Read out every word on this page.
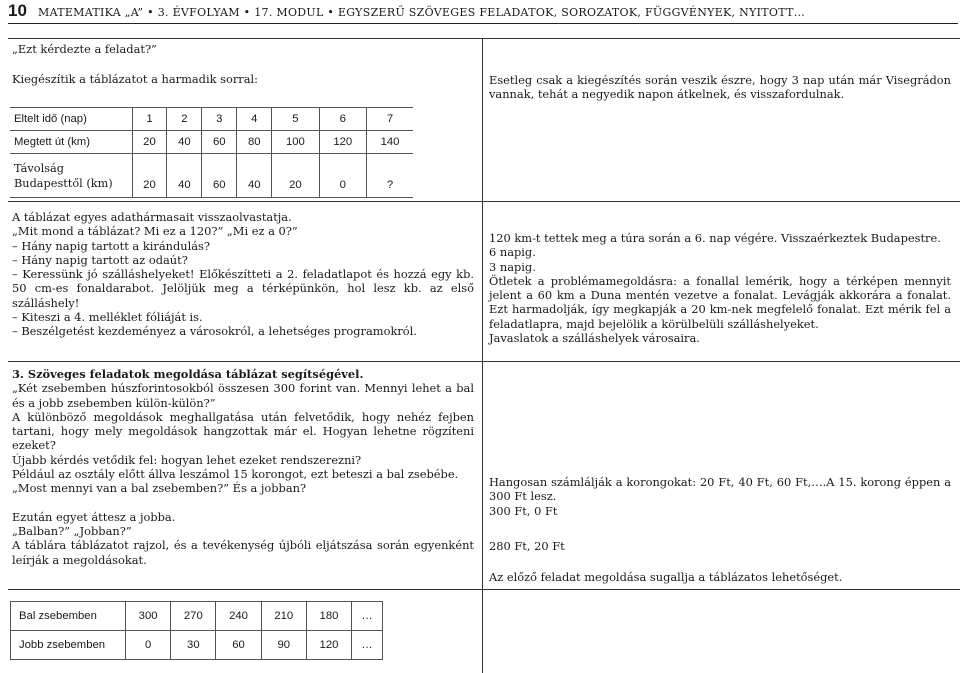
10 MATEMATIKA „A” • 3. ÉVFOLYAM • 17. MODUL • EGYSZERŰ SZÖVEGES FELADATOK, SOROZATOK, FÜGGVÉNYEK, NYITOTT…

„Ezt kérdezte a feladat?”

Kiegészítik a táblázatot a harmadik sorral:

Eltelt idő (nap)	1	2	3	4	5	6	7
Megtett út (km)	20	40	60	80	100	120	140
Távolság Budapesttől (km)	20	40	60	40	20	0	?

A táblázat egyes adathármasait visszaolvastatja.

„Mit mond a táblázat? Mi ez a 120?” „Mi ez a 0?”

– Hány napig tartott a kirándulás?

– Hány napig tartott az odaút?

– Keressünk jó szálláshelyeket! Előkészítteti a 2. feladatlapot és hozzá egy kb. 50 cm-es fonaldarabot. Jelöljük meg a térképünkön, hol lesz kb. az első szálláshely!

– Kiteszi a 4. melléklet fóliáját is.

– Beszélgetést kezdeményez a városokról, a lehetséges programokról.

3. Szöveges feladatok megoldása táblázat segítségével.

„Két zsebemben húszforintosokból összesen 300 forint van. Mennyi lehet a bal és a jobb zsebemben külön-külön?”

A különböző megoldások meghallgatása után felvetődik, hogy nehéz fejben tartani, hogy mely megoldások hangzottak már el. Hogyan lehetne rögzíteni ezeket?

Újabb kérdés vetődik fel: hogyan lehet ezeket rendszerezni?

Például az osztály előtt állva leszámol 15 korongot, ezt beteszi a bal zsebébe.

„Most mennyi van a bal zsebemben?” És a jobban?

Ezután egyet áttesz a jobba.

„Balban?” „Jobban?”

A táblára táblázatot rajzol, és a tevékenység újbóli eljátszása során egyenként leírják a megoldásokat.

Bal zsebemben	300	270	240	210	180	…
Jobb zsebemben	0	30	60	90	120	…

Esetleg csak a kiegészítés során veszik észre, hogy 3 nap után már Visegrádon vannak, tehát a negyedik napon átkelnek, és visszafordulnak.

120 km-t tettek meg a túra során a 6. nap végére. Visszaérkeztek Budapestre.

6 napig.

3 napig.

Ötletek a problémamegoldásra: a fonallal lemérik, hogy a térképen mennyit jelent a 60 km a Duna mentén vezetve a fonalat. Levágják akkorára a fonalat. Ezt harmadolják, így megkapják a 20 km-nek megfelelő fonalat. Ezt mérik fel a feladatlapra, majd bejelölik a körülbelüli szálláshelyeket.

Javaslatok a szálláshelyek városaira.

Hangosan számlálják a korongokat: 20 Ft, 40 Ft, 60 Ft,….A 15. korong éppen a 300 Ft lesz.

300 Ft, 0 Ft

280 Ft, 20 Ft

Az előző feladat megoldása sugallja a táblázatos lehetőséget.
